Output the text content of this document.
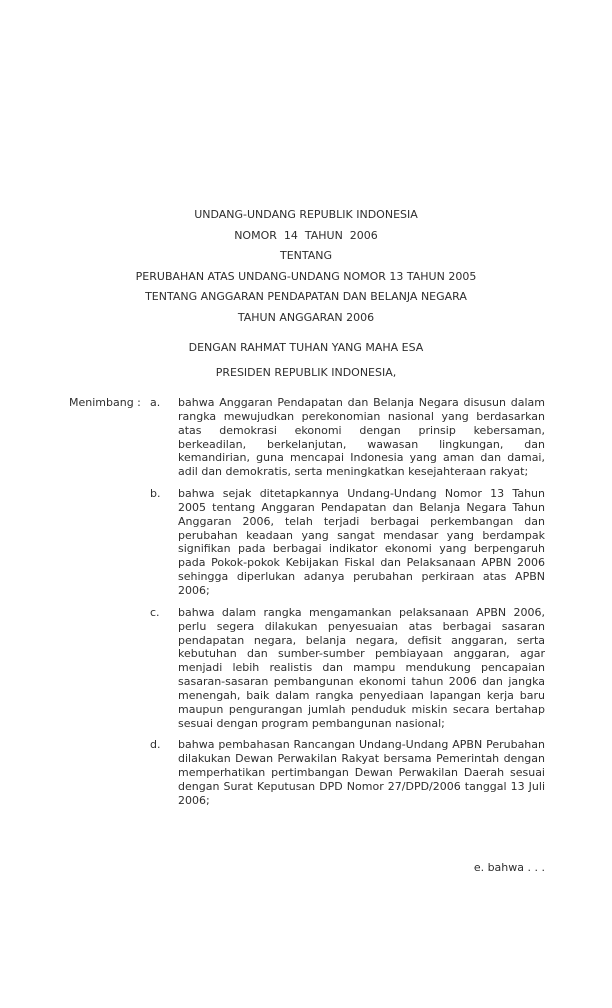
UNDANG-UNDANG REPUBLIK INDONESIA
NOMOR  14  TAHUN  2006
TENTANG
PERUBAHAN ATAS UNDANG-UNDANG NOMOR 13 TAHUN 2005
TENTANG ANGGARAN PENDAPATAN DAN BELANJA NEGARA
TAHUN ANGGARAN 2006
DENGAN RAHMAT TUHAN YANG MAHA ESA
PRESIDEN REPUBLIK INDONESIA,
Menimbang : a.	bahwa Anggaran Pendapatan dan Belanja Negara disusun dalam rangka mewujudkan perekonomian nasional yang berdasarkan atas demokrasi ekonomi dengan prinsip kebersaman, berkeadilan, berkelanjutan, wawasan lingkungan, dan kemandirian, guna mencapai Indonesia yang aman dan damai, adil dan demokratis, serta meningkatkan kesejahteraan rakyat;

b.	bahwa sejak ditetapkannya Undang-Undang Nomor 13 Tahun 2005 tentang Anggaran Pendapatan dan Belanja Negara Tahun Anggaran 2006, telah terjadi berbagai perkembangan dan perubahan keadaan yang sangat mendasar yang berdampak signifikan pada berbagai indikator ekonomi yang berpengaruh pada Pokok-pokok Kebijakan Fiskal dan Pelaksanaan APBN 2006 sehingga diperlukan adanya perubahan perkiraan atas APBN 2006;

c.	bahwa dalam rangka mengamankan pelaksanaan APBN 2006, perlu segera dilakukan penyesuaian atas berbagai sasaran pendapatan negara, belanja negara, defisit anggaran, serta kebutuhan dan sumber-sumber pembiayaan anggaran, agar menjadi lebih realistis dan mampu mendukung pencapaian sasaran-sasaran pembangunan ekonomi tahun 2006 dan jangka menengah, baik dalam rangka penyediaan lapangan kerja baru maupun pengurangan jumlah penduduk miskin secara bertahap sesuai dengan program pembangunan nasional;

d.	bahwa pembahasan Rancangan Undang-Undang APBN Perubahan dilakukan Dewan Perwakilan Rakyat bersama Pemerintah dengan memperhatikan pertimbangan Dewan Perwakilan Daerah sesuai dengan Surat Keputusan DPD Nomor 27/DPD/2006 tanggal 13 Juli 2006;

e. bahwa . . .
